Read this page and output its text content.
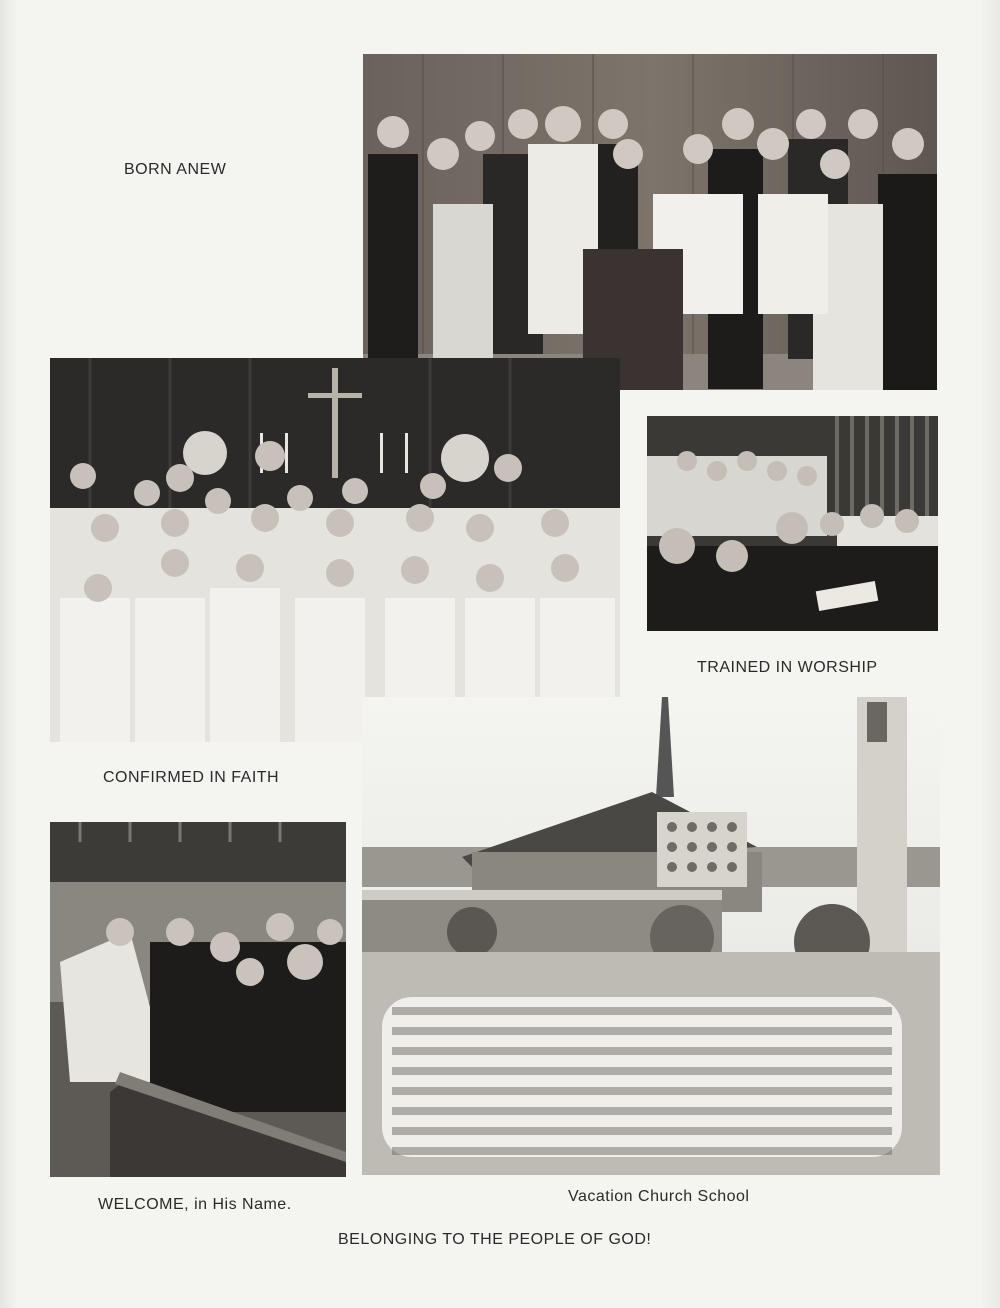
BORN ANEW
TRAINED IN WORSHIP
CONFIRMED IN FAITH
WELCOME, in His Name.	Vacation Church School
BELONGING TO THE PEOPLE OF GOD!
